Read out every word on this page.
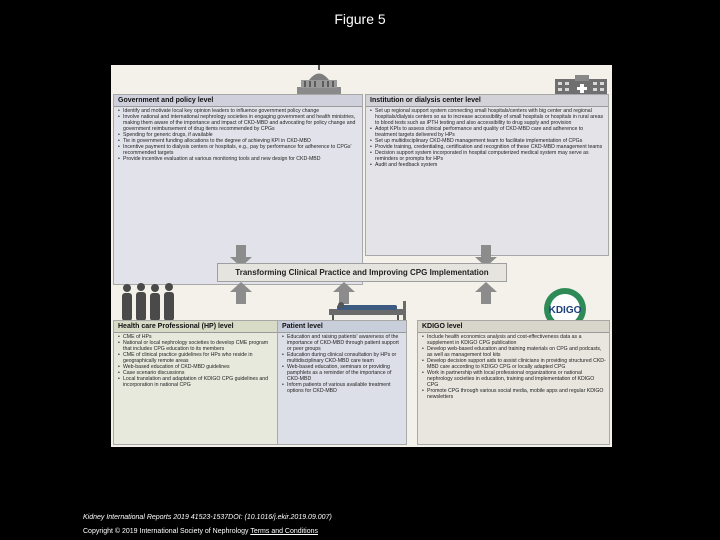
Figure 5
Government and policy level
• Identify and motivate local key opinion leaders to influence government policy change
• Involve national and international nephrology societies in engaging government and health ministries, making them aware of the importance and impact of CKD-MBD and advocating for policy change and government reimbursement of drug items recommended by CPGs
• Spending for generic drugs, if available
• Tie in government funding allocations to the degree of achieving KPI in CKD-MBD
• Incentive payment to dialysis centers or hospitals, e.g., pay by performance for adherence to CPGs' recommended targets
• Provide incentive evaluation at various monitoring tools and new design for CKD-MBD
Institution or dialysis center level
• Set up regional support system connecting small hospitals/centers with big center and regional hospitals/dialysis centers so as to increase accessibility of small hospitals or hospitals in rural areas to blood tests such as iPTH testing and also accessibility to drug supply and provision
• Adopt KPIs to assess clinical performance and quality of CKD-MBD care and adherence to treatment targets delivered by HPs
• Set up multidisciplinary CKD-MBD management team to facilitate implementation of CPGs
• Provide training, credentialing, certification and recognition of these CKD-MBD management teams
• Decision support system incorporated in hospital computerized medical system may serve as reminders or prompts for HPs
• Audit and feedback system
Transforming Clinical Practice and Improving CPG Implementation
KDIGO
Health care Professional (HP) level
• CME of HPs
• National or local nephrology societies to develop CME program that includes CPG education to its members
• CME of clinical practice guidelines for HPs who reside in geographically remote areas
• Web-based education of CKD-MBD guidelines
• Case scenario discussions
• Local translation and adaptation of KDIGO CPG guidelines and incorporation in national CPG
Patient level
• Education and raising patients' awareness of the importance of CKD-MBD through patient support or peer groups
• Education during clinical consultation by HPs or multidisciplinary CKD-MBD care team
• Web-based education, seminars or providing pamphlets as a reminder of the importance of CKD-MBD
• Inform patients of various available treatment options for CKD-MBD
KDIGO level
• Include health economics analysis and cost-effectiveness data as a supplement in KDIGO CPG publication
• Develop web-based education and training materials on CPG and podcasts, as well as management tool kits
• Develop decision support aids to assist clinicians in providing structured CKD-MBD care according to KDIGO CPG or locally adapted CPG
• Work in partnership with local professional organizations or national nephrology societies in education, training and implementation of KDIGO CPG
• Promote CPG through various social media, mobile apps and regular KDIGO newsletters
Kidney International Reports 2019 41523-1537DOI: (10.1016/j.ekir.2019.09.007)
Copyright © 2019 International Society of Nephrology Terms and Conditions
